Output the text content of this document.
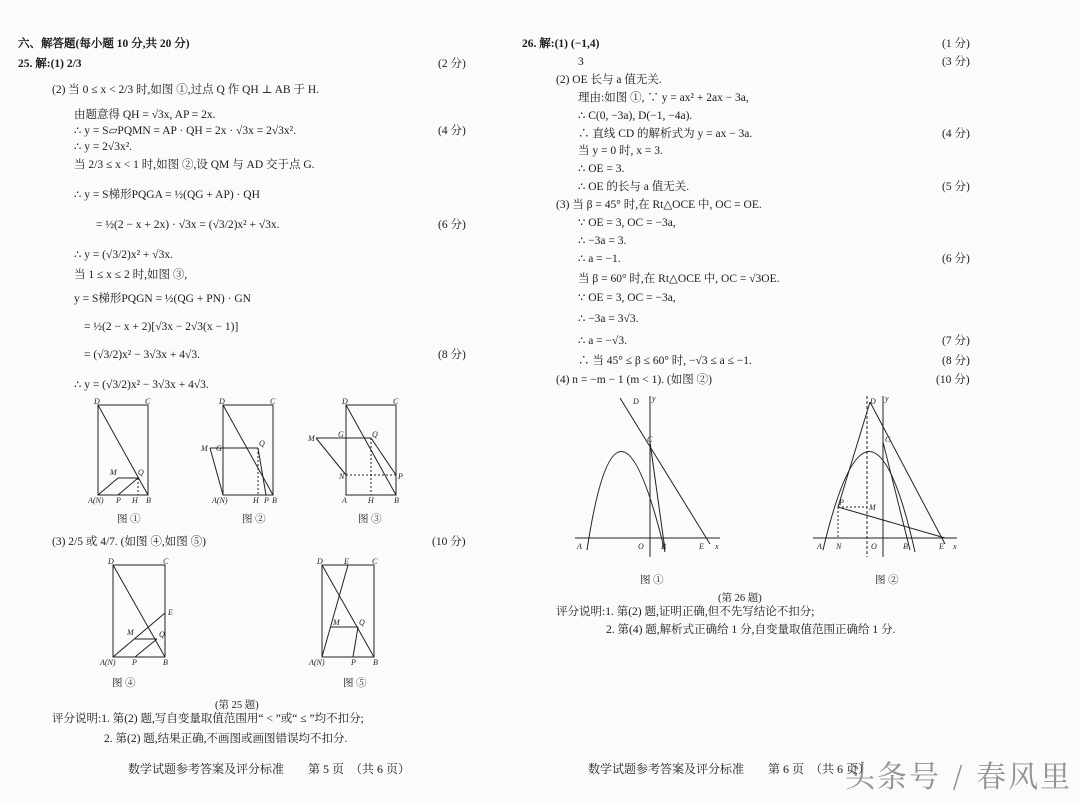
六、解答题(每小题 10 分,共 20 分)
25. 解:(1) 2/3	(2 分)
(2) 当 0 ≤ x < 2/3 时,如图 ①,过点 Q 作 QH ⊥ AB 于 H.
由题意得 QH = √3x, AP = 2x.
∴ y = S▱PQMN = AP · QH = 2x · √3x = 2√3x².	(4 分)
∴ y = 2√3x².
当 2/3 ≤ x < 1 时,如图 ②,设 QM 与 AD 交于点 G.
∴ y = S梯形PQGA = ½(QG + AP) · QH
= ½(2 − x + 2x) · √3x = (√3/2)x² + √3x.	(6 分)
∴ y = (√3/2)x² + √3x.
当 1 ≤ x ≤ 2 时,如图 ③,
y = S梯形PQGN = ½(QG + PN) · GN
= ½(2 − x + 2)[√3x − 2√3(x − 1)]
= (√3/2)x² − 3√3x + 4√3.	(8 分)
∴ y = (√3/2)x² − 3√3x + 4√3.
D	C
A(N) P H B
M	Q
D	C
A(N)	H P B
M G
Q
D	C
A	H	B
M	G	Q
N	P
图 ①	图 ②	图 ③
(3) 2/5 或 4/7. (如图 ④,如图 ⑤)	(10 分)
D	C
E
A(N) P	B
M	Q
D	E	C
A(N)	P B
M Q
图 ④	图 ⑤
(第 25 题)
评分说明:1. 第(2) 题,写自变量取值范围用“ < ”或“ ≤ ”均不扣分;
2. 第(2) 题,结果正确,不画图或画图错误均不扣分.
数学试题参考答案及评分标准　　第 5 页　（共 6 页）
26. 解:(1) (−1,4)	(1 分)
3	(3 分)
(2) OE 长与 a 值无关.
理由:如图 ①, ∵ y = ax² + 2ax − 3a,
∴ C(0, −3a), D(−1, −4a).
∴ 直线 CD 的解析式为 y = ax − 3a.	(4 分)
当 y = 0 时, x = 3.
∴ OE = 3.
∴ OE 的长与 a 值无关.	(5 分)
(3) 当 β = 45° 时,在 Rt△OCE 中, OC = OE.
∵ OE = 3, OC = −3a,
∴ −3a = 3.
∴ a = −1.	(6 分)
当 β = 60° 时,在 Rt△OCE 中, OC = √3OE.
∵ OE = 3, OC = −3a,
∴ −3a = 3√3.
∴ a = −√3.	(7 分)
∴ 当 45° ≤ β ≤ 60° 时, −√3 ≤ a ≤ −1.	(8 分)
(4) n = −m − 1 (m < 1). (如图 ②)	(10 分)
A	O B	E x
y
C
D
A N	O	B	E x
y
C
D
P
M
图 ①	图 ②
(第 26 题)
评分说明:1. 第(2) 题,证明正确,但不先写结论不扣分;
2. 第(4) 题,解析式正确给 1 分,自变量取值范围正确给 1 分.
数学试题参考答案及评分标准　　第 6 页　（共 6 页）
头条号 / 春风里
